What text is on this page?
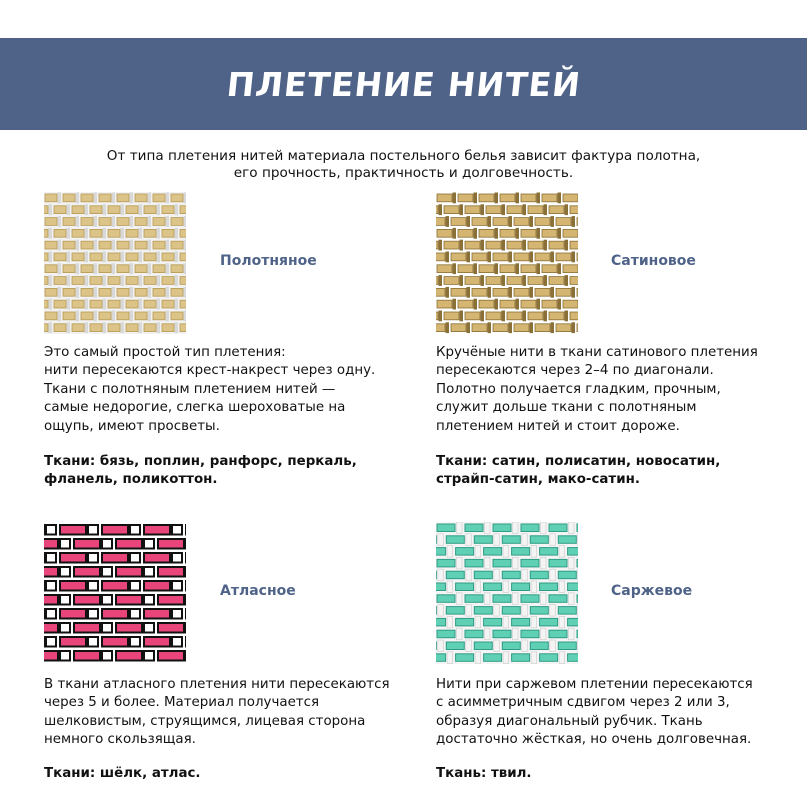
ПЛЕТЕНИЕ НИТЕЙ

От типа плетения нитей материала постельного белья зависит фактура полотна,
его прочность, практичность и долговечность.

Полотняное

Это самый простой тип плетения:
нити пересекаются крест-накрест через одну.
Ткани с полотняным плетением нитей —
самые недорогие, слегка шероховатые на
ощупь, имеют просветы.

Ткани: бязь, поплин, ранфорс, перкаль,
фланель, поликоттон.

Сатиновое

Кручёные нити в ткани сатинового плетения
пересекаются через 2–4 по диагонали.
Полотно получается гладким, прочным,
служит дольше ткани с полотняным
плетением нитей и стоит дороже.

Ткани: сатин, полисатин, новосатин,
страйп-сатин, мако-сатин.

Атласное

В ткани атласного плетения нити пересекаются
через 5 и более. Материал получается
шелковистым, струящимся, лицевая сторона
немного скользящая.

Ткани: шёлк, атлас.

Саржевое

Нити при саржевом плетении пересекаются
с асимметричным сдвигом через 2 или 3,
образуя диагональный рубчик. Ткань
достаточно жёсткая, но очень долговечная.

Ткань: твил.
